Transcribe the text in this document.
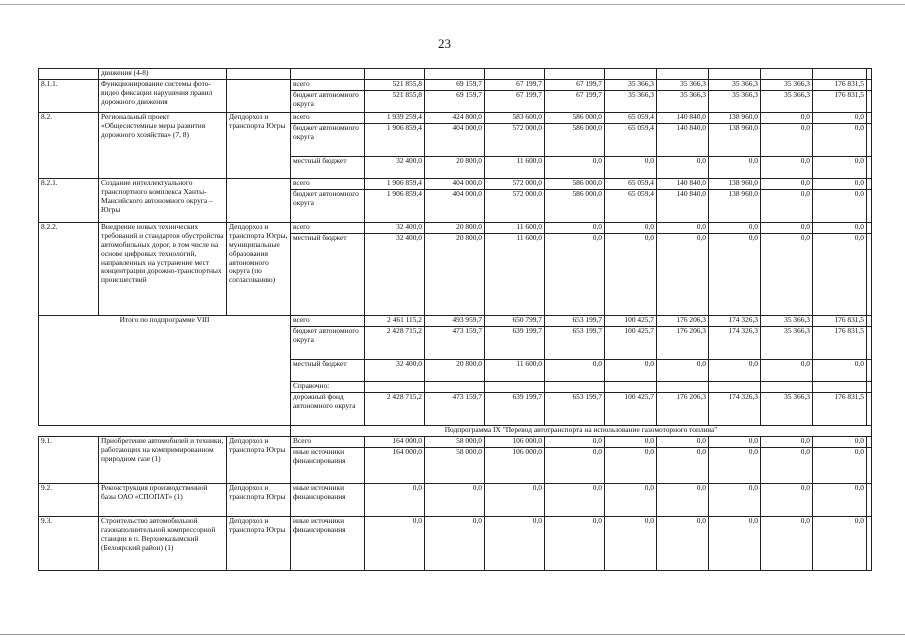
23
	движения (4-8)												
8.1.1.	Функционирование системы фото-видео фиксации нарушения правил дорожного движения		всего	521 855,8	69 159,7	67 199,7	67 199,7	35 366,3	35 366,3	35 366,3	35 366,3	176 831,5	
			бюджет автономного округа	521 855,8	69 159,7	67 199,7	67 199,7	35 366,3	35 366,3	35 366,3	35 366,3	176 831,5	
8.2.	Региональный проект «Общесистемные меры развития дорожного хозяйства» (7, 8)	Депдорхоз и транспорта Югры	всего	1 939 259,4	424 800,0	583 600,0	586 000,0	65 059,4	140 840,0	138 960,0	0,0	0,0	
			бюджет автономного округа	1 906 859,4	404 000,0	572 000,0	586 000,0	65 059,4	140 840,0	138 960,0	0,0	0,0	
			местный бюджет	32 400,0	20 800,0	11 600,0	0,0	0,0	0,0	0,0	0,0	0,0	
8.2.1.	Создание интеллектуального транспортного комплекса Ханты-Мансийского автономного округа – Югры		всего	1 906 859,4	404 000,0	572 000,0	586 000,0	65 059,4	140 840,0	138 960,0	0,0	0,0	
			бюджет автономного округа	1 906 859,4	404 000,0	572 000,0	586 000,0	65 059,4	140 840,0	138 960,0	0,0	0,0	
8.2.2.	Внедрение новых технических требований и стандартов обустройства автомобильных дорог, в том числе на основе цифровых технологий, направленных на устранение мест концентрации дорожно-транспортных происшествий	Депдорхоз и транспорта Югры, муниципальные образования автономного округа (по согласованию)	всего	32 400,0	20 800,0	11 600,0	0,0	0,0	0,0	0,0	0,0	0,0	
			местный бюджет	32 400,0	20 800,0	11 600,0	0,0	0,0	0,0	0,0	0,0	0,0	
Итого по подпрограмме VIII			всего	2 461 115,2	493 959,7	650 799,7	653 199,7	100 425,7	176 206,3	174 326,3	35 366,3	176 831,5	
			бюджет автономного округа	2 428 715,2	473 159,7	639 199,7	653 199,7	100 425,7	176 206,3	174 326,3	35 366,3	176 831,5	
			местный бюджет	32 400,0	20 800,0	11 600,0	0,0	0,0	0,0	0,0	0,0	0,0	
			Справочно:										
			дорожный фонд автономного округа	2 428 715,2	473 159,7	639 199,7	653 199,7	100 425,7	176 206,3	174 326,3	35 366,3	176 831,5	
			Подпрограмма IX "Перевод автотранспорта на использование газомоторного топлива"										
9.1.	Приобретение автомобилей и техники, работающих на компримированном природном газе (1)	Депдорхоз и транспорта Югры	Всего	164 000,0	58 000,0	106 000,0	0,0	0,0	0,0	0,0	0,0	0,0	
			иные источники финансирования	164 000,0	58 000,0	106 000,0	0,0	0,0	0,0	0,0	0,0	0,0	
9.2.	Реконструкция производственной базы ОАО «СПОПАТ» (1)	Депдорхоз и транспорта Югры	иные источники финансирования	0,0	0,0	0,0	0,0	0,0	0,0	0,0	0,0	0,0	
9.3.	Строительство автомобильной газонаполнительной компрессорной станции в п. Верхнеказымский (Белоярский район) (1)	Депдорхоз и транспорта Югры	иные источники финансирования	0,0	0,0	0,0	0,0	0,0	0,0	0,0	0,0	0,0	
